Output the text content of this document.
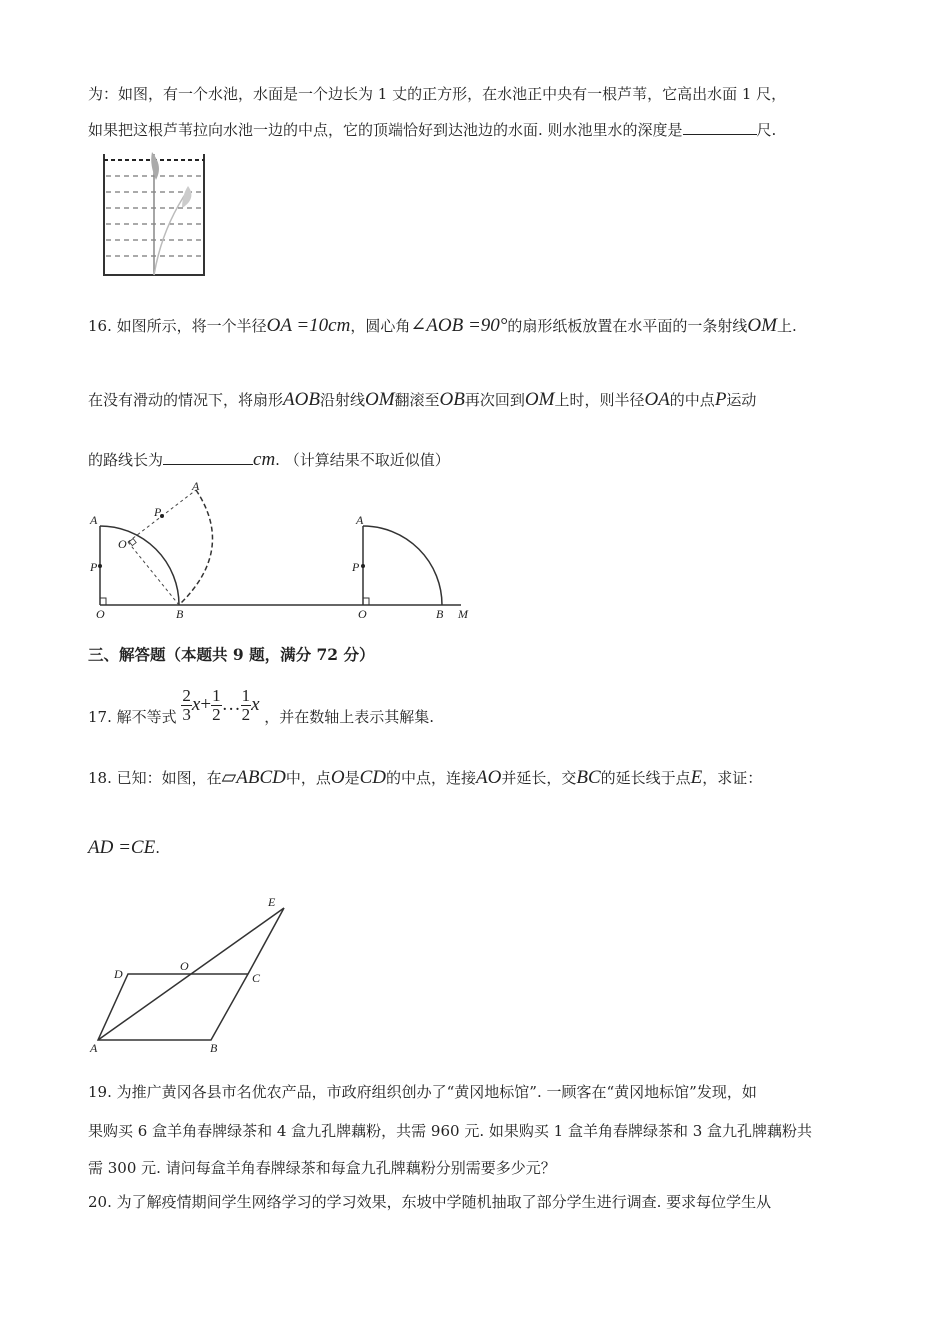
为：如图，有一个水池，水面是一个边长为 1 丈的正方形，在水池正中央有一根芦苇，它高出水面 1 尺，
如果把这根芦苇拉向水池一边的中点，它的顶端恰好到达池边的水面. 则水池里水的深度是	尺.
16. 如图所示，将一个半径OA =10cm，圆心角∠AOB =90°的扇形纸板放置在水平面的一条射线OM上.
在没有滑动的情况下，将扇形AOB沿射线OM翻滚至OB再次回到OM上时，则半径OA的中点P运动
的路线长为	cm. （计算结果不取近似值）
A
P
O	B
O
P
A
A
P
O	B M
三、解答题（本题共 9 题，满分 72 分）
17. 解不等式 $\frac{2}{3} x+ \frac{1}{2}$ … $\frac{1}{2}$ x ，并在数轴上表示其解集.
18. 已知：如图，在▱ABCD中，点O是CD的中点，连接AO并延长，交BC的延长线于点E，求证：
AD =CE.
A	B
C
D
O
E
19. 为推广黄冈各县市名优农产品，市政府组织创办了“黄冈地标馆”. 一顾客在“黄冈地标馆”发现，如
果购买 6 盒羊角春牌绿茶和 4 盒九孔牌藕粉，共需 960 元. 如果购买 1 盒羊角春牌绿茶和 3 盒九孔牌藕粉共
需 300 元. 请问每盒羊角春牌绿茶和每盒九孔牌藕粉分别需要多少元？
20. 为了解疫情期间学生网络学习的学习效果，东坡中学随机抽取了部分学生进行调查. 要求每位学生从
